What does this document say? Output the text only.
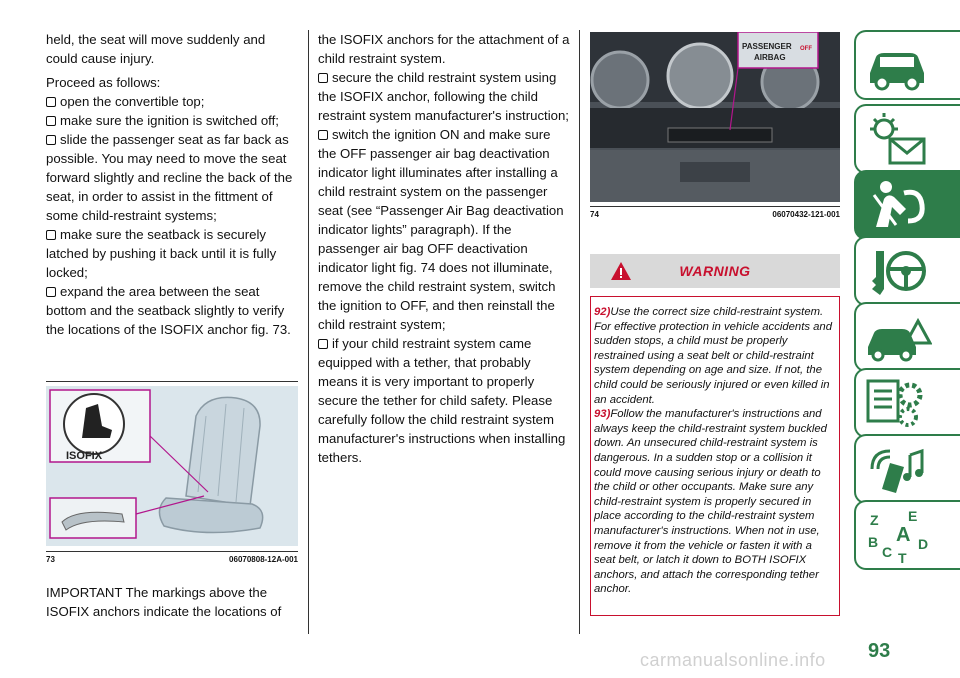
held, the seat will move suddenly and could cause injury.

Proceed as follows:

open the convertible top;

make sure the ignition is switched off;

slide the passenger seat as far back as possible. You may need to move the seat forward slightly and recline the back of the seat, in order to assist in the fittment of some child-restraint systems;

make sure the seatback is securely latched by pushing it back until it is fully locked;

expand the area between the seat bottom and the seatback slightly to verify the locations of the ISOFIX anchor fig. 73.

ISOFIX
73	06070808-12A-001

IMPORTANT The markings above the ISOFIX anchors indicate the locations of

the ISOFIX anchors for the attachment of a child restraint system.

secure the child restraint system using the ISOFIX anchor, following the child restraint system manufacturer's instruction;

switch the ignition ON and make sure the OFF passenger air bag deactivation indicator light illuminates after installing a child restraint system on the passenger seat (see “Passenger Air Bag deactivation indicator lights” paragraph). If the passenger air bag OFF deactivation indicator light fig. 74 does not illuminate, remove the child restraint system, switch the ignition to OFF, and then reinstall the child restraint system;

if your child restraint system came equipped with a tether, that probably means it is very important to properly secure the tether for child safety. Please carefully follow the child restraint system manufacturer's instructions when installing tethers.

PASSENGER
AIRBAG
OFF
74	06070432-121-001
WARNING
92)Use the correct size child-restraint system. For effective protection in vehicle accidents and sudden stops, a child must be properly restrained using a seat belt or child-restraint system depending on age and size. If not, the child could be seriously injured or even killed in an accident.
93)Follow the manufacturer's instructions and always keep the child-restraint system buckled down. An unsecured child-restraint system is dangerous. In a sudden stop or a collision it could move causing serious injury or death to the child or other occupants. Make sure any child-restraint system is properly secured in place according to the child-restraint system manufacturer's instructions. When not in use, remove it from the vehicle or fasten it with a seat belt, or latch it down to BOTH ISOFIX anchors, and attach the corresponding tether anchor.
Z E
B A D
C T
93
carmanualsonline.info
